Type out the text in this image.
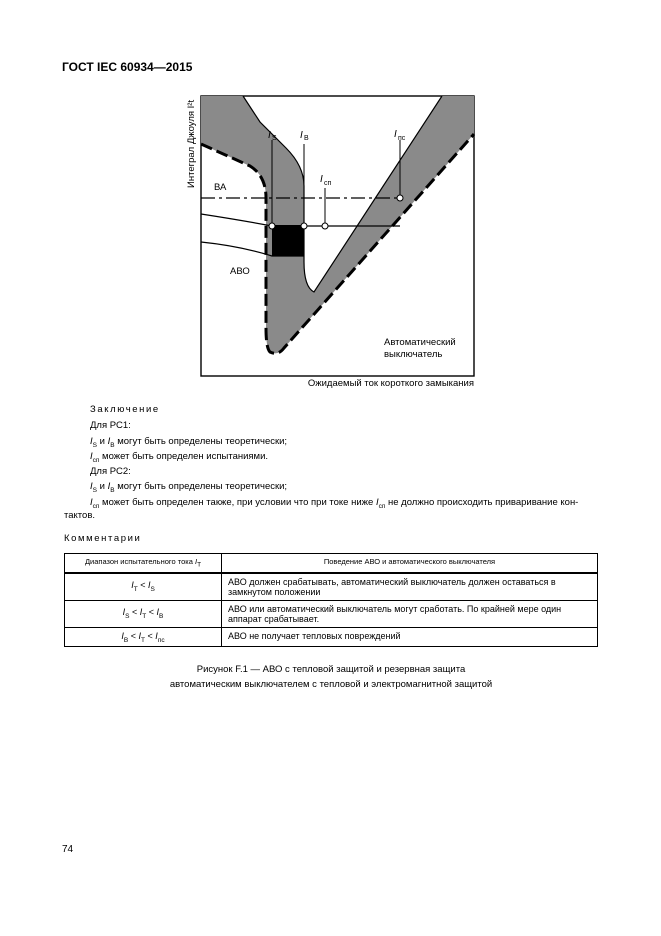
ГОСТ IEC 60934—2015
I S I B
I сп
I пс
ВА
АВО
Автоматический
выключатель
Интеграл Джоуля I²t
Ожидаемый ток короткого замыкания
Заключение
Для РС1:
$I_S$ и $I_B$ могут быть определены теоретически;
$I_{сп}$ может быть определен испытаниями.
Для РС2:
$I_S$ и $I_B$ могут быть определены теоретически;
$I_{сп}$ может быть определен также, при условии что при токе ниже $I_{сп}$ не должно происходить приваривание кон-
тактов.
Комментарии
Диапазон испытательного тока $I_T$	Поведение АВО и автоматического выключателя
$I_T < I_S$	АВО должен срабатывать, автоматический выключатель должен оставаться в замкнутом положении
$I_S < I_T < I_B$	АВО или автоматический выключатель могут сработать. По крайней мере один аппарат срабатывает.
$I_B < I_T < I_{пс}$	АВО не получает тепловых повреждений
Рисунок F.1 — АВО с тепловой защитой и резервная защита
автоматическим выключателем с тепловой и электромагнитной защитой
74
